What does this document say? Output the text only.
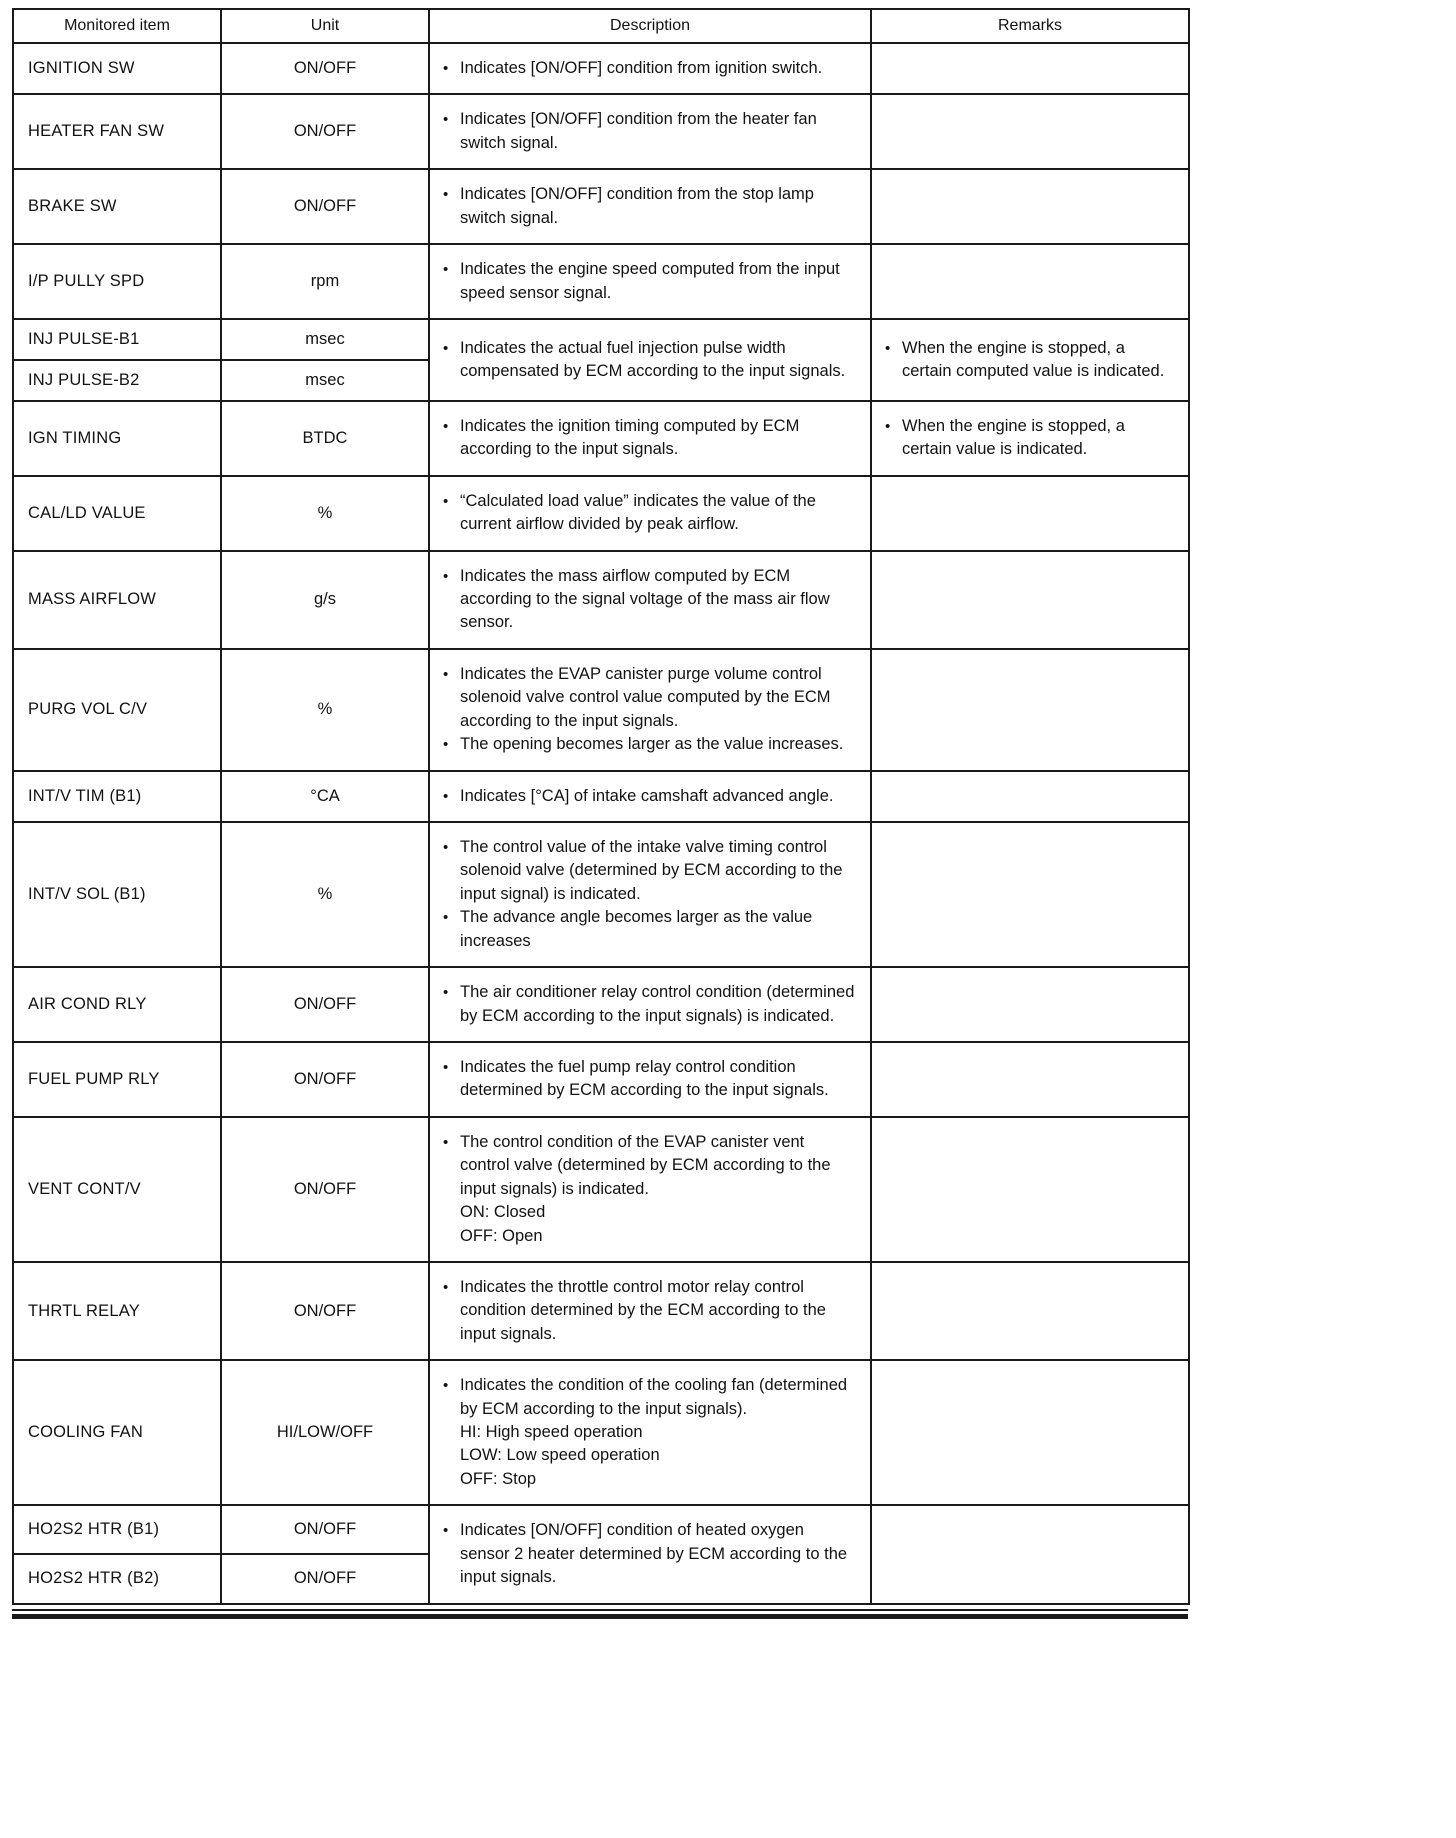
Monitored item	Unit	Description	Remarks
IGNITION SW	ON/OFF	• Indicates [ON/OFF] condition from ignition switch.	

HEATER FAN SW	ON/OFF	• Indicates [ON/OFF] condition from the heater fan switch signal.	

BRAKE SW	ON/OFF	• Indicates [ON/OFF] condition from the stop lamp switch signal.	

I/P PULLY SPD	rpm	• Indicates the engine speed computed from the input speed sensor signal.	

INJ PULSE-B1	msec	• Indicates the actual fuel injection pulse width compensated by ECM according to the input signals.	• When the engine is stopped, a certain computed value is indicated.

INJ PULSE-B2	msec		
IGN TIMING	BTDC	• Indicates the ignition timing computed by ECM according to the input signals.	• When the engine is stopped, a certain value is indicated.

CAL/LD VALUE	%	• “Calculated load value” indicates the value of the current airflow divided by peak airflow.	

MASS AIRFLOW	g/s	• Indicates the mass airflow computed by ECM according to the signal voltage of the mass air flow sensor.	

PURG VOL C/V	%	• Indicates the EVAP canister purge volume control solenoid valve control value computed by the ECM according to the input signals.
• The opening becomes larger as the value increases.	

INT/V TIM (B1)	°CA	• Indicates [°CA] of intake camshaft advanced angle.	

INT/V SOL (B1)	%	• The control value of the intake valve timing control solenoid valve (determined by ECM according to the input signal) is indicated.
• The advance angle becomes larger as the value increases	

AIR COND RLY	ON/OFF	• The air conditioner relay control condition (determined by ECM according to the input signals) is indicated.	

FUEL PUMP RLY	ON/OFF	• Indicates the fuel pump relay control condition determined by ECM according to the input signals.	

VENT CONT/V	ON/OFF	• The control condition of the EVAP canister vent control valve (determined by ECM according to the input signals) is indicated.
ON: Closed
OFF: Open	

THRTL RELAY	ON/OFF	• Indicates the throttle control motor relay control condition determined by the ECM according to the input signals.	

COOLING FAN	HI/LOW/OFF	• Indicates the condition of the cooling fan (determined by ECM according to the input signals).
HI: High speed operation
LOW: Low speed operation
OFF: Stop	

HO2S2 HTR (B1)	ON/OFF	• Indicates [ON/OFF] condition of heated oxygen sensor 2 heater determined by ECM according to the input signals.	

HO2S2 HTR (B2)	ON/OFF		
